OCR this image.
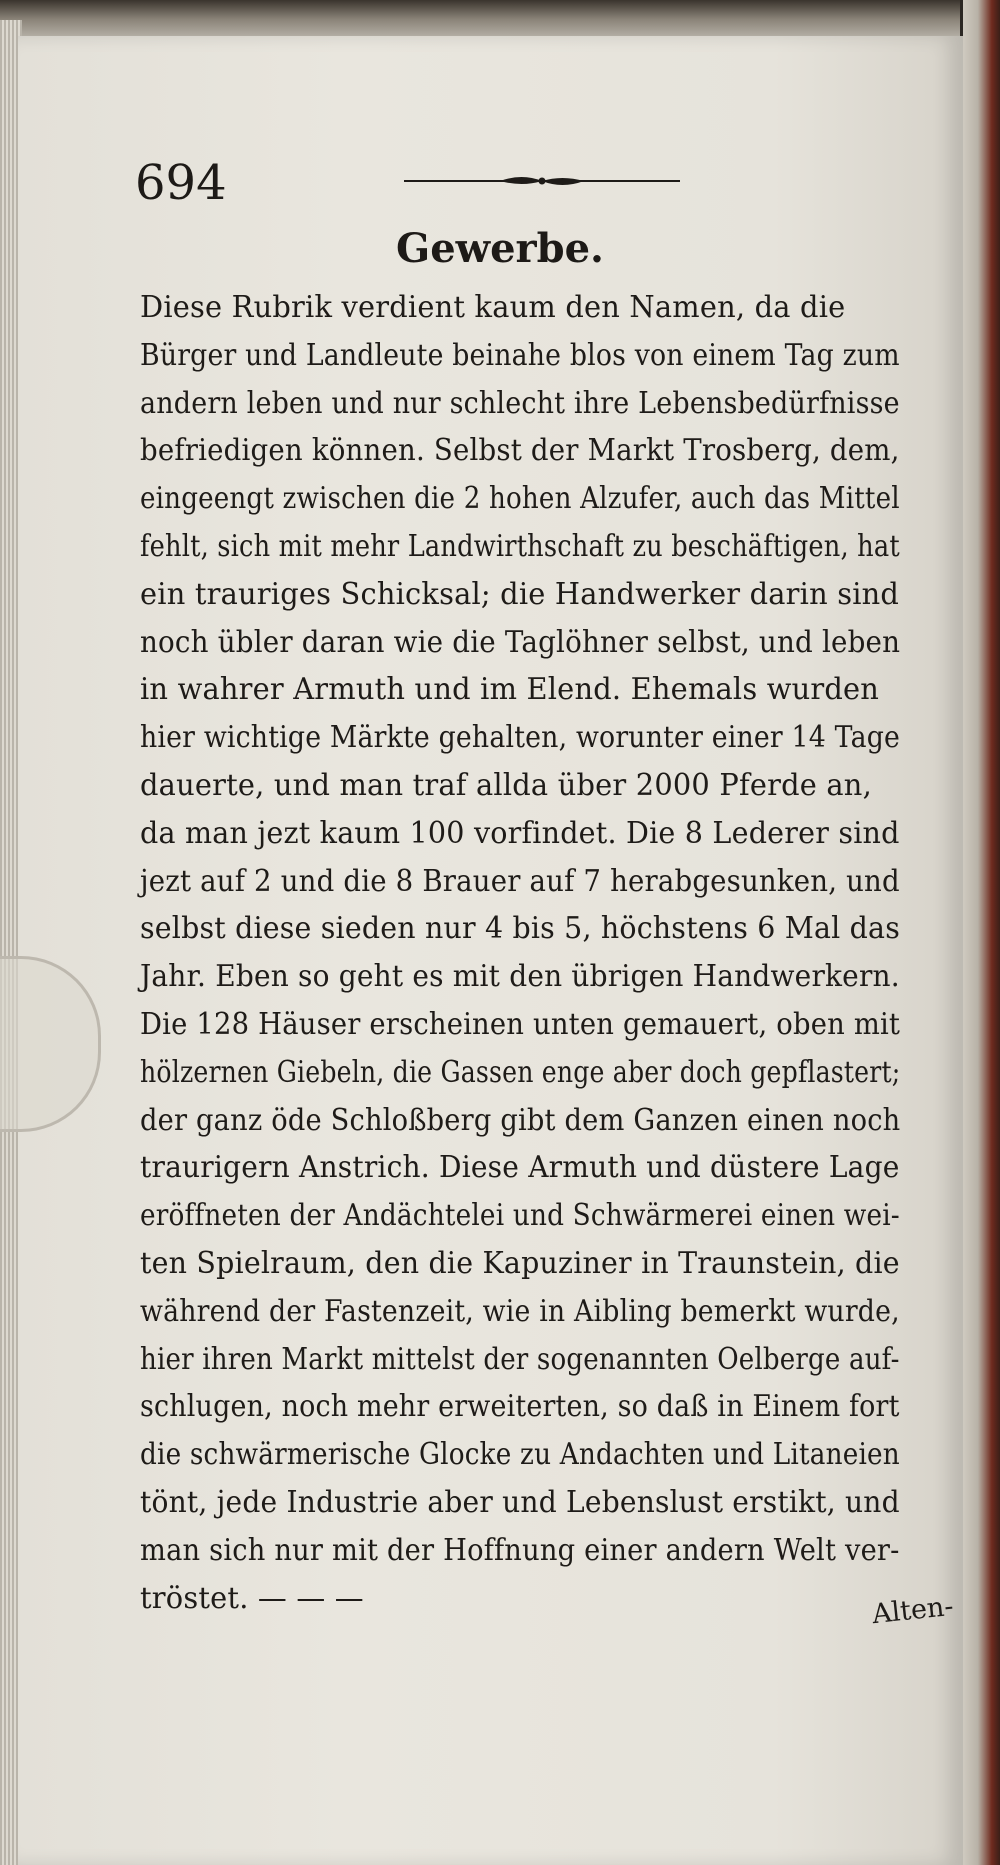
694
Gewerbe.
Diese Rubrik verdient kaum den Namen, da die
Bürger und Landleute beinahe blos von einem Tag zum
andern leben und nur schlecht ihre Lebensbedürfnisse
befriedigen können. Selbst der Markt Trosberg, dem,
eingeengt zwischen die 2 hohen Alzufer, auch das Mittel
fehlt, sich mit mehr Landwirthschaft zu beschäftigen, hat
ein trauriges Schicksal; die Handwerker darin sind
noch übler daran wie die Taglöhner selbst, und leben
in wahrer Armuth und im Elend. Ehemals wurden
hier wichtige Märkte gehalten, worunter einer 14 Tage
dauerte, und man traf allda über 2000 Pferde an,
da man jezt kaum 100 vorfindet. Die 8 Lederer sind
jezt auf 2 und die 8 Brauer auf 7 herabgesunken, und
selbst diese sieden nur 4 bis 5, höchstens 6 Mal das
Jahr. Eben so geht es mit den übrigen Handwerkern.
Die 128 Häuser erscheinen unten gemauert, oben mit
hölzernen Giebeln, die Gassen enge aber doch gepflastert;
der ganz öde Schloßberg gibt dem Ganzen einen noch
traurigern Anstrich. Diese Armuth und düstere Lage
eröffneten der Andächtelei und Schwärmerei einen wei-
ten Spielraum, den die Kapuziner in Traunstein, die
während der Fastenzeit, wie in Aibling bemerkt wurde,
hier ihren Markt mittelst der sogenannten Oelberge auf-
schlugen, noch mehr erweiterten, so daß in Einem fort
die schwärmerische Glocke zu Andachten und Litaneien
tönt, jede Industrie aber und Lebenslust erstikt, und
man sich nur mit der Hoffnung einer andern Welt ver-
tröstet. — — —	Alten-
